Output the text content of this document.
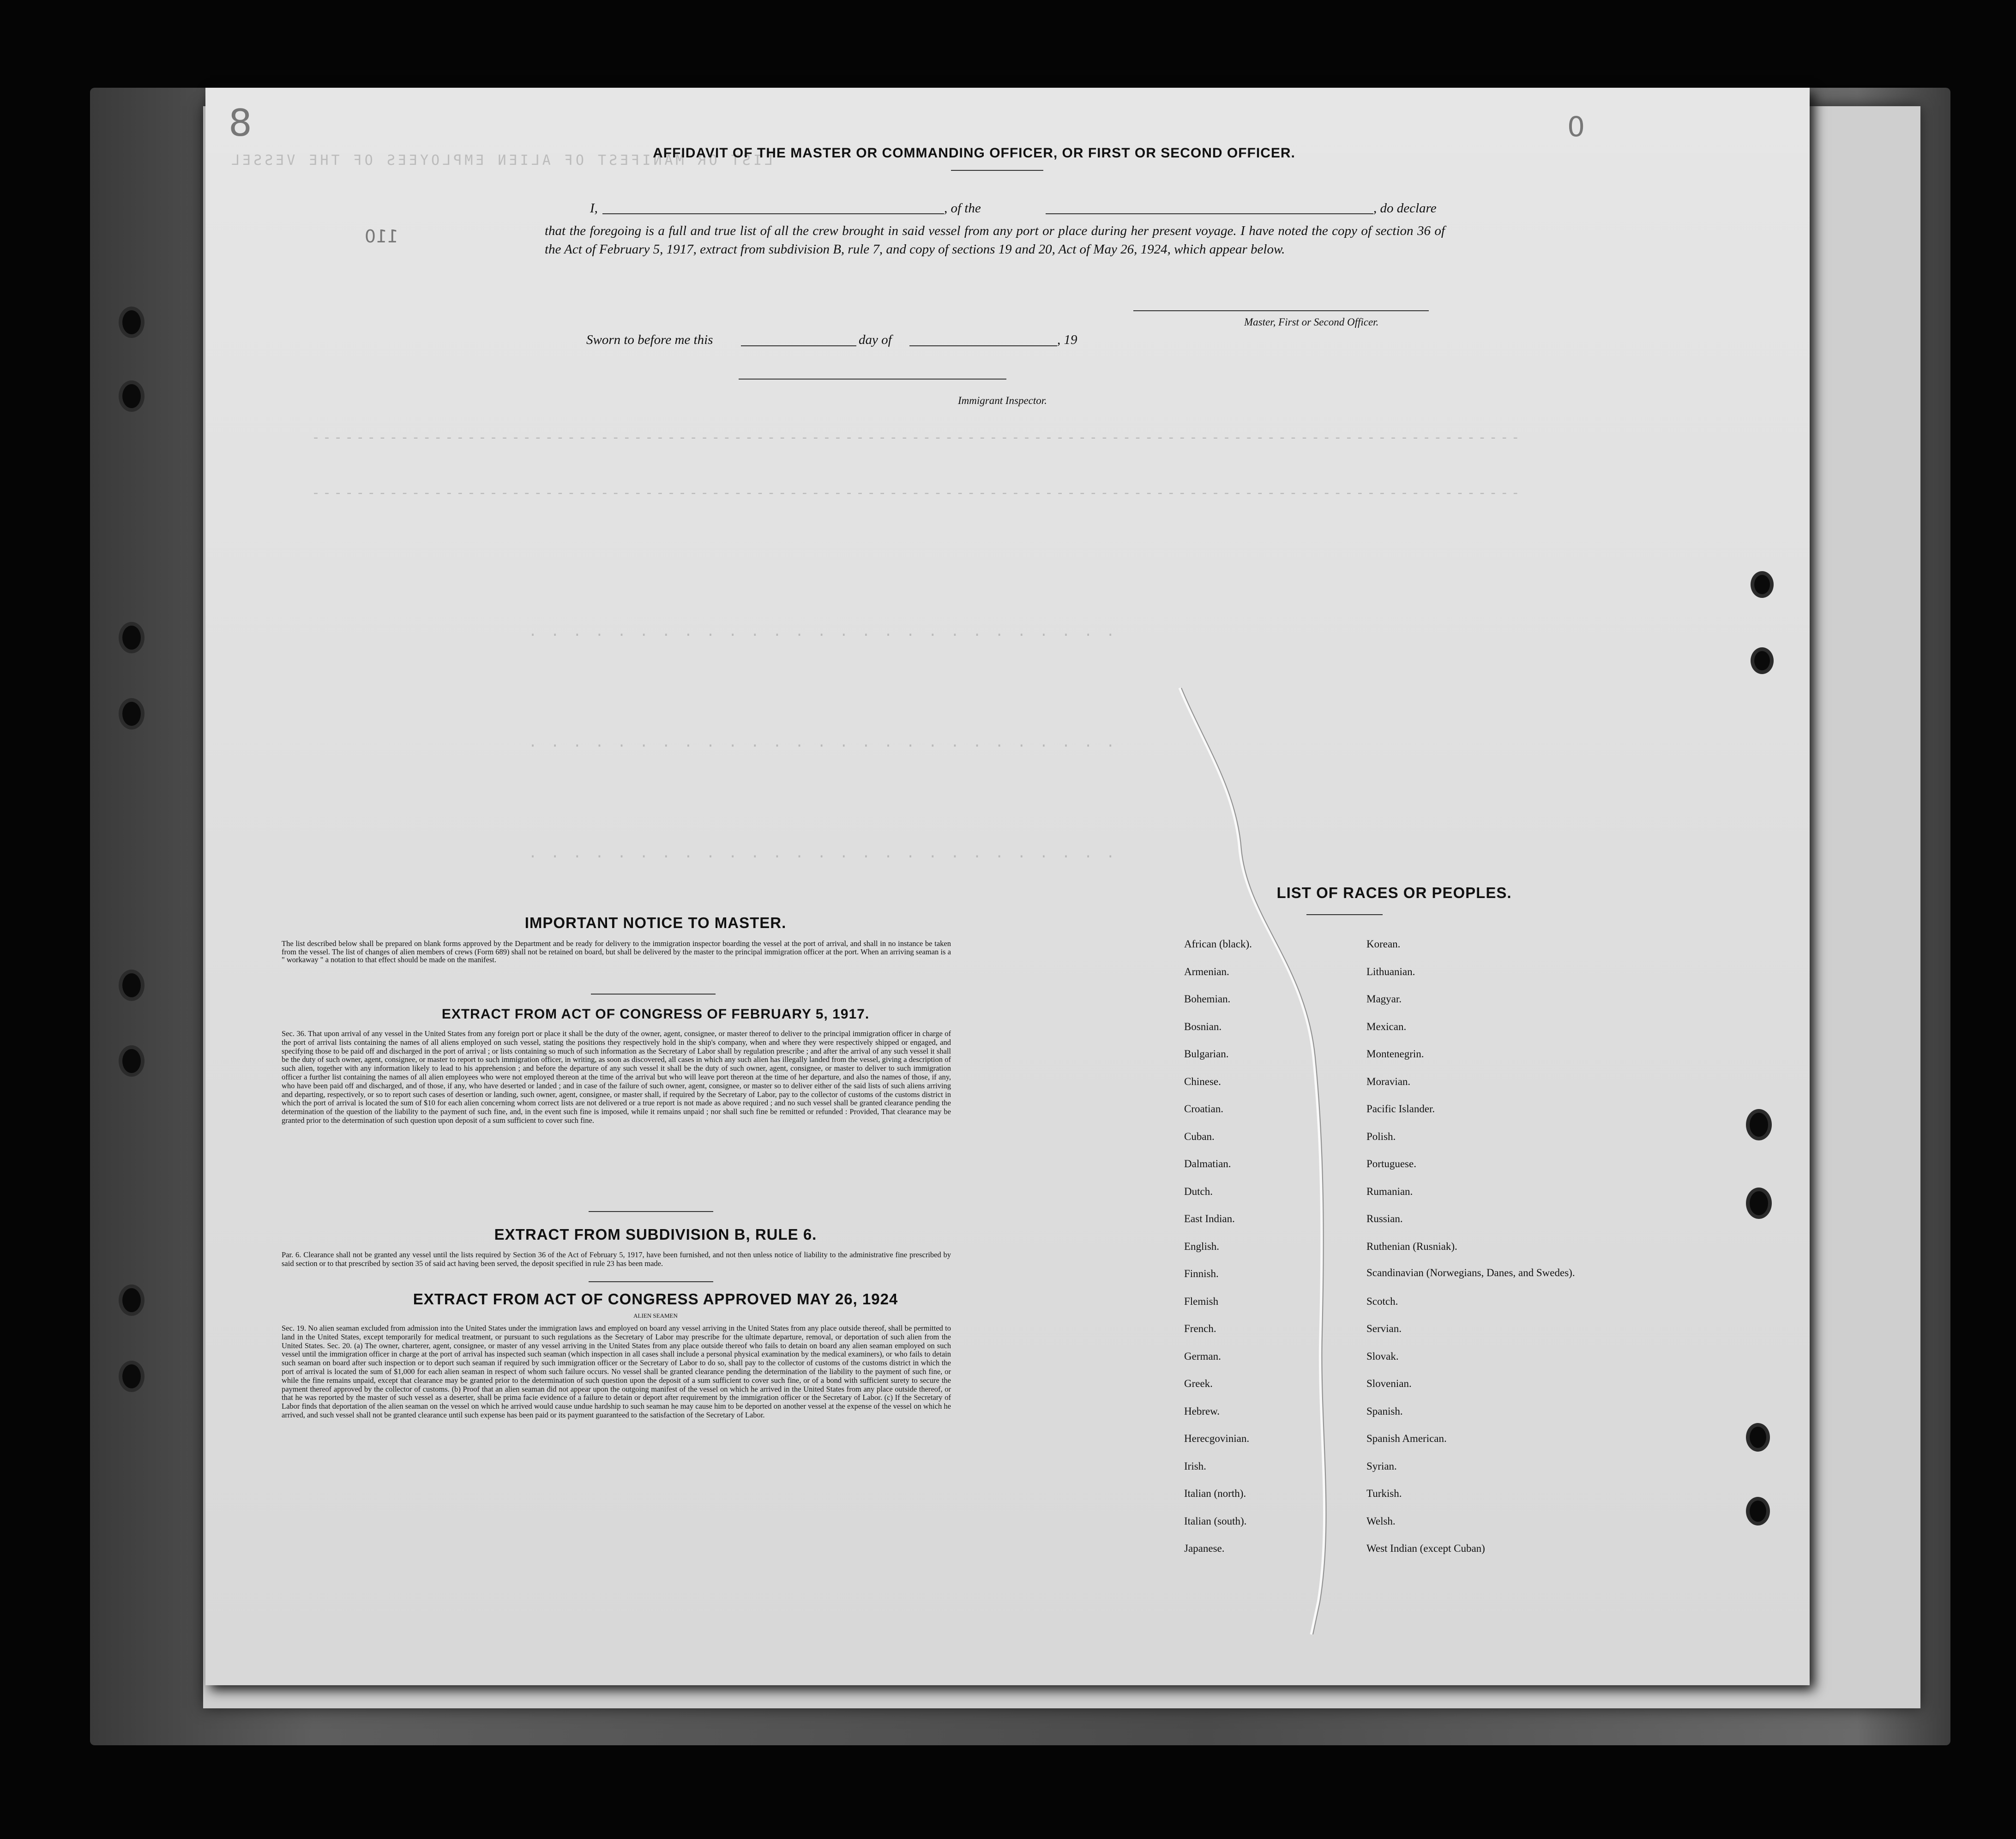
LIST OR MANIFEST OF ALIEN EMPLOYEES OF THE VESSEL
-------------------------------------------------------------------------------------------------------------
-------------------------------------------------------------------------------------------------------------
. . . . . . . . . . . . . . . . . . . . . . . . . . .
. . . . . . . . . . . . . . . . . . . . . . . . . . .
. . . . . . . . . . . . . . . . . . . . . . . . . . .
8
110
0
AFFIDAVIT OF THE MASTER OR COMMANDING OFFICER, OR FIRST OR SECOND OFFICER.
I,	, of the	, do declare
that the foregoing is a full and true list of all the crew brought in said vessel from any port or place during her present voyage. I have noted the copy of section 36 of the Act of February 5, 1917, extract from subdivision B, rule 7, and copy of sections 19 and 20, Act of May 26, 1924, which appear below.
Master, First or Second Officer.
Sworn to before me this	day of	, 19
Immigrant Inspector.
IMPORTANT NOTICE TO MASTER.
The list described below shall be prepared on blank forms approved by the Department and be ready for delivery to the immigration inspector boarding the vessel at the port of arrival, and shall in no instance be taken from the vessel. The list of changes of alien members of crews (Form 689) shall not be retained on board, but shall be delivered by the master to the principal immigration officer at the port. When an arriving seaman is a " workaway " a notation to that effect should be made on the manifest.
EXTRACT FROM ACT OF CONGRESS OF FEBRUARY 5, 1917.
Sec. 36. That upon arrival of any vessel in the United States from any foreign port or place it shall be the duty of the owner, agent, consignee, or master thereof to deliver to the principal immigration officer in charge of the port of arrival lists containing the names of all aliens employed on such vessel, stating the positions they respectively hold in the ship's company, when and where they were respectively shipped or engaged, and specifying those to be paid off and discharged in the port of arrival ; or lists containing so much of such information as the Secretary of Labor shall by regulation prescribe ; and after the arrival of any such vessel it shall be the duty of such owner, agent, consignee, or master to report to such immigration officer, in writing, as soon as discovered, all cases in which any such alien has illegally landed from the vessel, giving a description of such alien, together with any information likely to lead to his apprehension ; and before the departure of any such vessel it shall be the duty of such owner, agent, consignee, or master to deliver to such immigration officer a further list containing the names of all alien employees who were not employed thereon at the time of the arrival but who will leave port thereon at the time of her departure, and also the names of those, if any, who have been paid off and discharged, and of those, if any, who have deserted or landed ; and in case of the failure of such owner, agent, consignee, or master so to deliver either of the said lists of such aliens arriving and departing, respectively, or so to report such cases of desertion or landing, such owner, agent, consignee, or master shall, if required by the Secretary of Labor, pay to the collector of customs of the customs district in which the port of arrival is located the sum of $10 for each alien concerning whom correct lists are not delivered or a true report is not made as above required ; and no such vessel shall be granted clearance pending the determination of the question of the liability to the payment of such fine, and, in the event such fine is imposed, while it remains unpaid ; nor shall such fine be remitted or refunded : Provided, That clearance may be granted prior to the determination of such question upon deposit of a sum sufficient to cover such fine.
EXTRACT FROM SUBDIVISION B, RULE 6.
Par. 6. Clearance shall not be granted any vessel until the lists required by Section 36 of the Act of February 5, 1917, have been furnished, and not then unless notice of liability to the administrative fine prescribed by said section or to that prescribed by section 35 of said act having been served, the deposit specified in rule 23 has been made.
EXTRACT FROM ACT OF CONGRESS APPROVED MAY 26, 1924
ALIEN SEAMEN
Sec. 19. No alien seaman excluded from admission into the United States under the immigration laws and employed on board any vessel arriving in the United States from any place outside thereof, shall be permitted to land in the United States, except temporarily for medical treatment, or pursuant to such regulations as the Secretary of Labor may prescribe for the ultimate departure, removal, or deportation of such alien from the United States. Sec. 20. (a) The owner, charterer, agent, consignee, or master of any vessel arriving in the United States from any place outside thereof who fails to detain on board any alien seaman employed on such vessel until the immigration officer in charge at the port of arrival has inspected such seaman (which inspection in all cases shall include a personal physical examination by the medical examiners), or who fails to detain such seaman on board after such inspection or to deport such seaman if required by such immigration officer or the Secretary of Labor to do so, shall pay to the collector of customs of the customs district in which the port of arrival is located the sum of $1,000 for each alien seaman in respect of whom such failure occurs. No vessel shall be granted clearance pending the determination of the liability to the payment of such fine, or while the fine remains unpaid, except that clearance may be granted prior to the determination of such question upon the deposit of a sum sufficient to cover such fine, or of a bond with sufficient surety to secure the payment thereof approved by the collector of customs. (b) Proof that an alien seaman did not appear upon the outgoing manifest of the vessel on which he arrived in the United States from any place outside thereof, or that he was reported by the master of such vessel as a deserter, shall be prima facie evidence of a failure to detain or deport after requirement by the immigration officer or the Secretary of Labor. (c) If the Secretary of Labor finds that deportation of the alien seaman on the vessel on which he arrived would cause undue hardship to such seaman he may cause him to be deported on another vessel at the expense of the vessel on which he arrived, and such vessel shall not be granted clearance until such expense has been paid or its payment guaranteed to the satisfaction of the Secretary of Labor.
LIST OF RACES OR PEOPLES.
African (black).
Armenian.
Bohemian.
Bosnian.
Bulgarian.
Chinese.
Croatian.
Cuban.
Dalmatian.
Dutch.
East Indian.
English.
Finnish.
Flemish
French.
German.
Greek.
Hebrew.
Herecgovinian.
Irish.
Italian (north).
Italian (south).
Japanese.
Korean.
Lithuanian.
Magyar.
Mexican.
Montenegrin.
Moravian.
Pacific Islander.
Polish.
Portuguese.
Rumanian.
Russian.
Ruthenian (Rusniak).
Scandinavian (Norwegians, Danes, and Swedes).
Scotch.
Servian.
Slovak.
Slovenian.
Spanish.
Spanish American.
Syrian.
Turkish.
Welsh.
West Indian (except Cuban)
